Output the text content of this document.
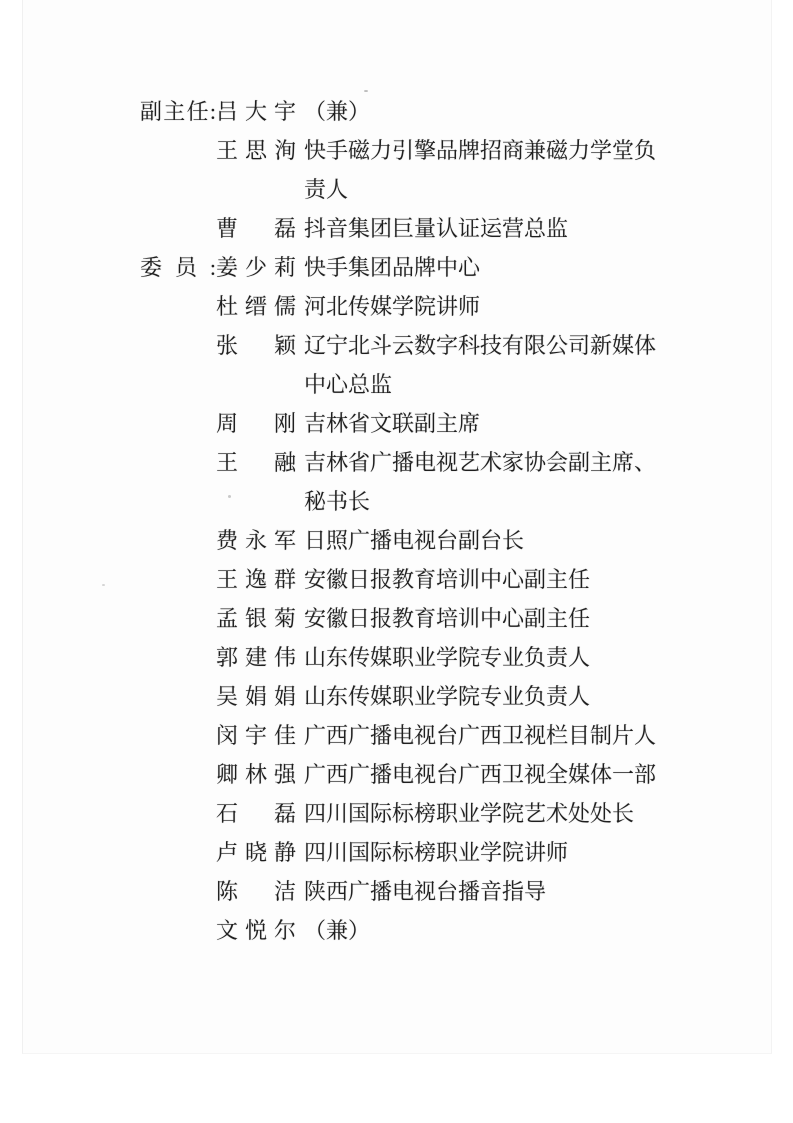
副主任: 吕大宇 （兼）
王思洵 快手磁力引擎品牌招商兼磁力学堂负
责人
曹磊 抖音集团巨量认证运营总监
委员: 姜少莉 快手集团品牌中心
杜缙儒 河北传媒学院讲师
张颖 辽宁北斗云数字科技有限公司新媒体
中心总监
周刚 吉林省文联副主席
王融 吉林省广播电视艺术家协会副主席、
秘书长
费永军 日照广播电视台副台长
王逸群 安徽日报教育培训中心副主任
孟银菊 安徽日报教育培训中心副主任
郭建伟 山东传媒职业学院专业负责人
吴娟娟 山东传媒职业学院专业负责人
闵宇佳 广西广播电视台广西卫视栏目制片人
卿林强 广西广播电视台广西卫视全媒体一部
石磊 四川国际标榜职业学院艺术处处长
卢晓静 四川国际标榜职业学院讲师
陈洁 陕西广播电视台播音指导
文悦尔 （兼）
